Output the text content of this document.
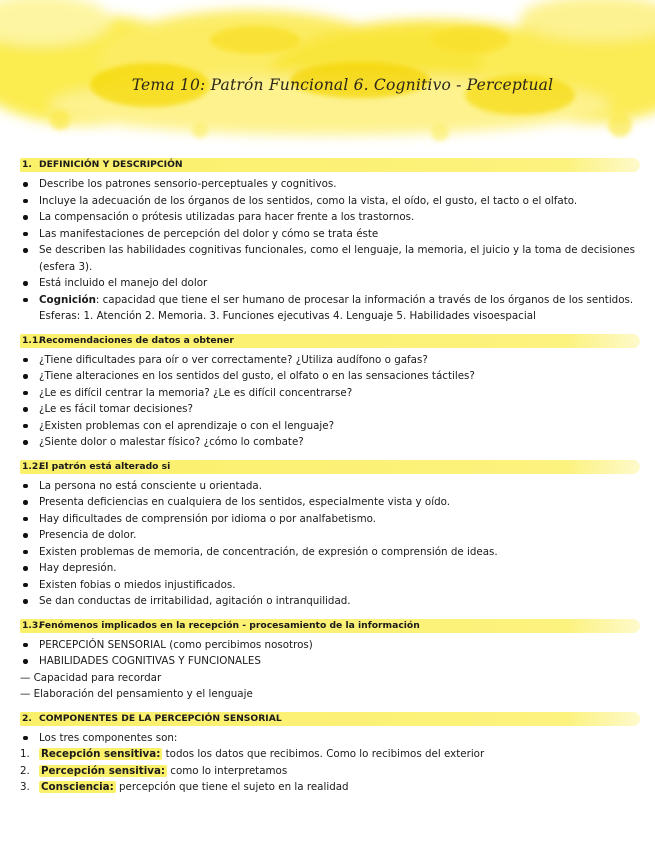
Tema 10: Patrón Funcional 6. Cognitivo - Perceptual
1. DEFINICIÓN Y DESCRIPCIÓN
Describe los patrones sensorio-perceptuales y cognitivos.
Incluye la adecuación de los órganos de los sentidos, como la vista, el oído, el gusto, el tacto o el olfato.
La compensación o prótesis utilizadas para hacer frente a los trastornos.
Las manifestaciones de percepción del dolor y cómo se trata éste
Se describen las habilidades cognitivas funcionales, como el lenguaje, la memoria, el juicio y la toma de decisiones (esfera 3).
Está incluido el manejo del dolor
Cognición: capacidad que tiene el ser humano de procesar la información a través de los órganos de los sentidos. Esferas: 1. Atención 2. Memoria. 3. Funciones ejecutivas 4. Lenguaje 5. Habilidades visoespacial
1.1.Recomendaciones de datos a obtener
¿Tiene dificultades para oír o ver correctamente? ¿Utiliza audífono o gafas?
¿Tiene alteraciones en los sentidos del gusto, el olfato o en las sensaciones táctiles?
¿Le es difícil centrar la memoria? ¿Le es difícil concentrarse?
¿Le es fácil tomar decisiones?
¿Existen problemas con el aprendizaje o con el lenguaje?
¿Siente dolor o malestar físico? ¿cómo lo combate?
1.2.El patrón está alterado si
La persona no está consciente u orientada.
Presenta deficiencias en cualquiera de los sentidos, especialmente vista y oído.
Hay dificultades de comprensión por idioma o por analfabetismo.
Presencia de dolor.
Existen problemas de memoria, de concentración, de expresión o comprensión de ideas.
Hay depresión.
Existen fobias o miedos injustificados.
Se dan conductas de irritabilidad, agitación o intranquilidad.
1.3.Fenómenos implicados en la recepción - procesamiento de la información
PERCEPCIÓN SENSORIAL (como percibimos nosotros)
HABILIDADES COGNITIVAS Y FUNCIONALES
— Capacidad para recordar
— Elaboración del pensamiento y el lenguaje
2. COMPONENTES DE LA PERCEPCIÓN SENSORIAL
Los tres componentes son:
1. Recepción sensitiva: todos los datos que recibimos. Como lo recibimos del exterior
2. Percepción sensitiva: como lo interpretamos
3. Consciencia: percepción que tiene el sujeto en la realidad
